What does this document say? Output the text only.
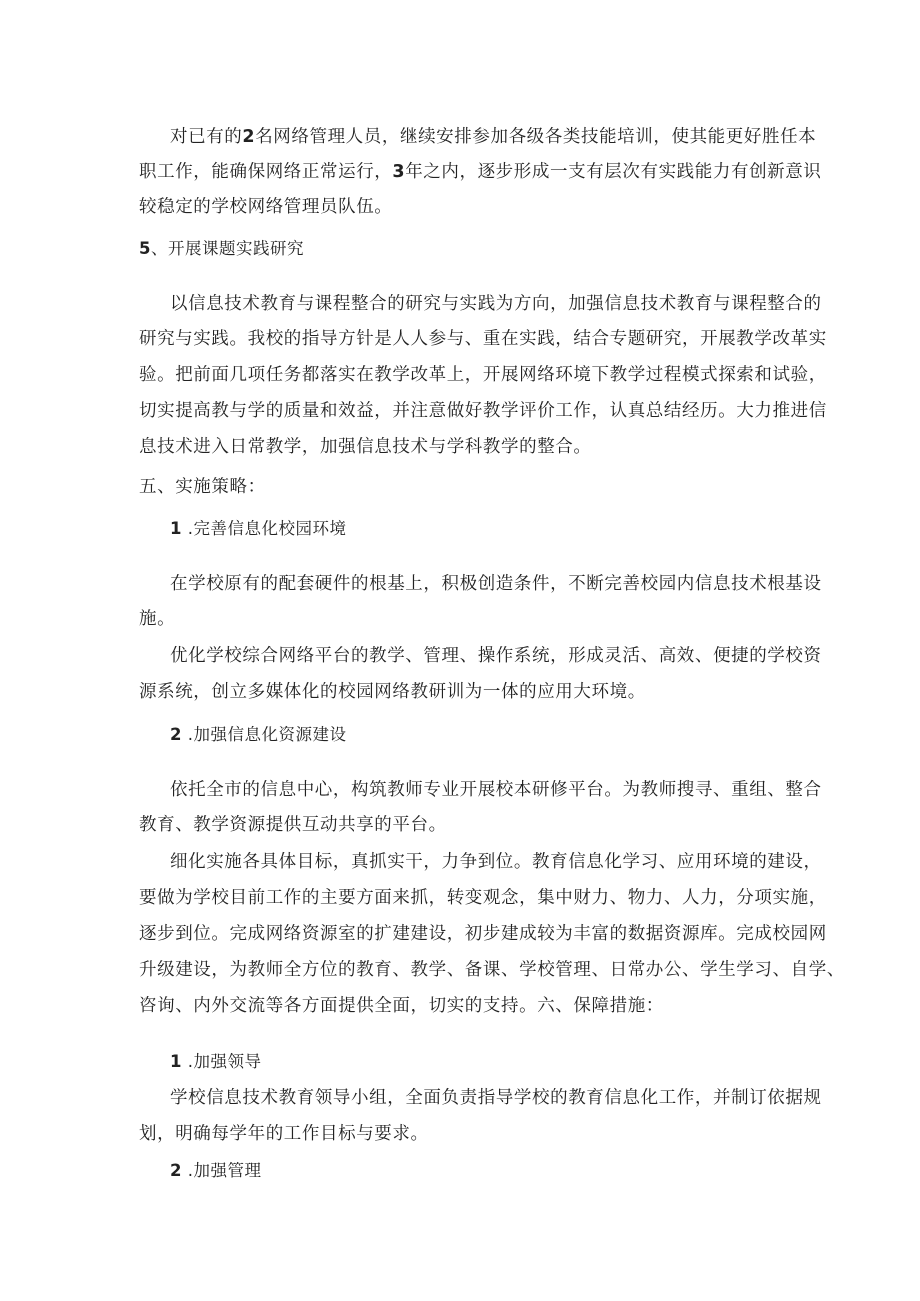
对已有的2名网络管理人员，继续安排参加各级各类技能培训，使其能更好胜任本
职工作，能确保网络正常运行，3年之内，逐步形成一支有层次有实践能力有创新意识
较稳定的学校网络管理员队伍。
5、开展课题实践研究
以信息技术教育与课程整合的研究与实践为方向，加强信息技术教育与课程整合的
研究与实践。我校的指导方针是人人参与、重在实践，结合专题研究，开展教学改革实
验。把前面几项任务都落实在教学改革上，开展网络环境下教学过程模式探索和试验，
切实提高教与学的质量和效益，并注意做好教学评价工作，认真总结经历。大力推进信
息技术进入日常教学，加强信息技术与学科教学的整合。
五、实施策略：
1 .完善信息化校园环境
在学校原有的配套硬件的根基上，积极创造条件，不断完善校园内信息技术根基设
施。
优化学校综合网络平台的教学、管理、操作系统，形成灵活、高效、便捷的学校资
源系统，创立多媒体化的校园网络教研训为一体的应用大环境。
2 .加强信息化资源建设
依托全市的信息中心，构筑教师专业开展校本研修平台。为教师搜寻、重组、整合
教育、教学资源提供互动共享的平台。
细化实施各具体目标，真抓实干，力争到位。教育信息化学习、应用环境的建设，
要做为学校目前工作的主要方面来抓，转变观念，集中财力、物力、人力，分项实施，
逐步到位。完成网络资源室的扩建建设，初步建成较为丰富的数据资源库。完成校园网
升级建设，为教师全方位的教育、教学、备课、学校管理、日常办公、学生学习、自学、
咨询、内外交流等各方面提供全面，切实的支持。六、保障措施：
1 .加强领导
学校信息技术教育领导小组，全面负责指导学校的教育信息化工作，并制订依据规
划，明确每学年的工作目标与要求。
2 .加强管理
